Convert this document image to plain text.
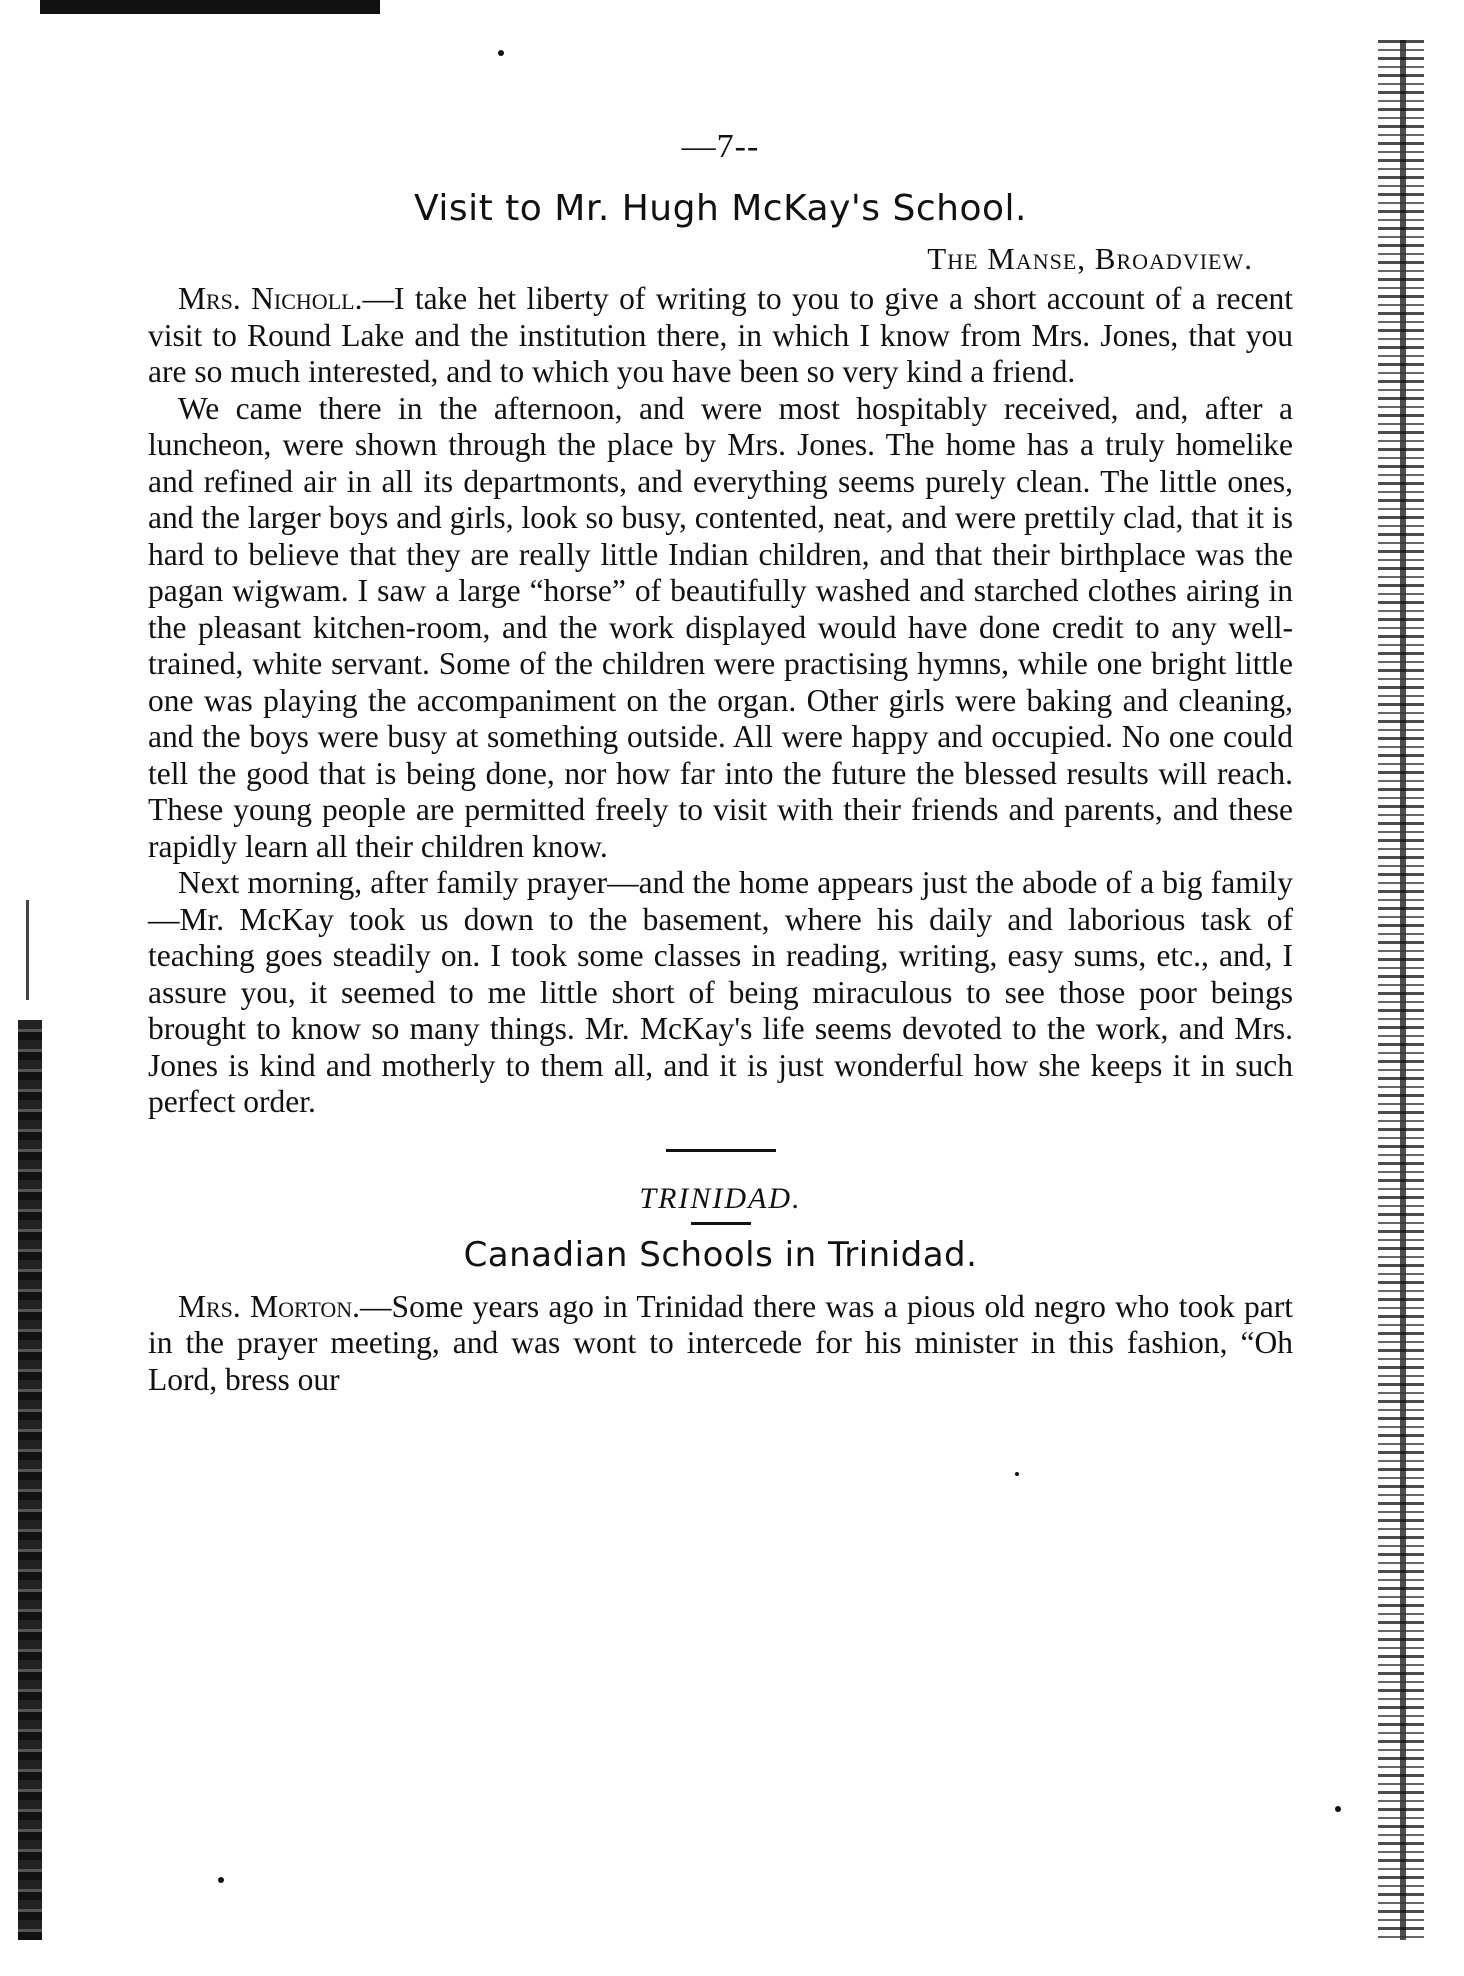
—7--
Visit to Mr. Hugh McKay's School.
The Manse, Broadview.

Mrs. Nicholl.—I take het liberty of writing to you to give a short account of a recent visit to Round Lake and the institution there, in which I know from Mrs. Jones, that you are so much interested, and to which you have been so very kind a friend.

We came there in the afternoon, and were most hospitably received, and, after a luncheon, were shown through the place by Mrs. Jones. The home has a truly homelike and refined air in all its departmonts, and everything seems purely clean. The little ones, and the larger boys and girls, look so busy, contented, neat, and were prettily clad, that it is hard to believe that they are really little Indian children, and that their birthplace was the pagan wigwam. I saw a large “horse” of beautifully washed and starched clothes airing in the pleasant kitchen-room, and the work displayed would have done credit to any well-trained, white servant. Some of the children were practising hymns, while one bright little one was playing the accompaniment on the organ. Other girls were baking and cleaning, and the boys were busy at something outside. All were happy and occupied. No one could tell the good that is being done, nor how far into the future the blessed results will reach. These young people are permitted freely to visit with their friends and parents, and these rapidly learn all their children know.

Next morning, after family prayer—and the home appears just the abode of a big family—Mr. McKay took us down to the basement, where his daily and laborious task of teaching goes steadily on. I took some classes in reading, writing, easy sums, etc., and, I assure you, it seemed to me little short of being miraculous to see those poor beings brought to know so many things. Mr. McKay's life seems devoted to the work, and Mrs. Jones is kind and motherly to them all, and it is just wonderful how she keeps it in such perfect order.

TRINIDAD.
Canadian Schools in Trinidad.

Mrs. Morton.—Some years ago in Trinidad there was a pious old negro who took part in the prayer meeting, and was wont to intercede for his minister in this fashion, “Oh Lord, bress our
